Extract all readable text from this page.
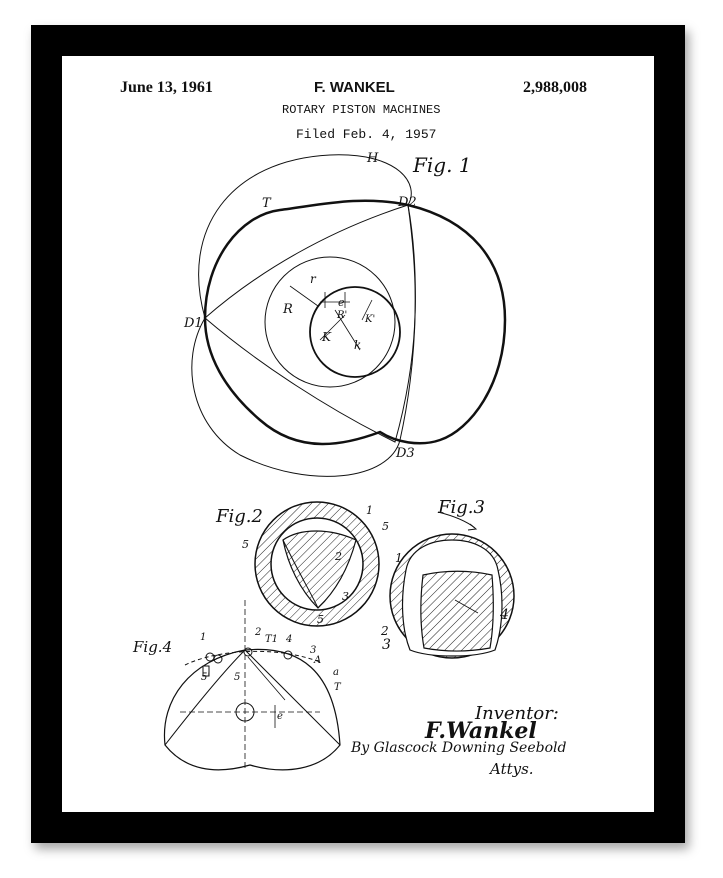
June 13, 1961	F. WANKEL	2,988,008
ROTARY PISTON MACHINES
Filed Feb. 4, 1957
Fig. 1
H
T	D2
D1
D3
r
R	e
R' K'
K
k
Fig.2	1
5
5
2
3
5
Fig.3
1
4
2
3
Fig.4
1	2
5' 5
T1 4
3
A
a
T
e	Inventor:
F.Wankel
By Glascock Downing Seebold
Attys.
